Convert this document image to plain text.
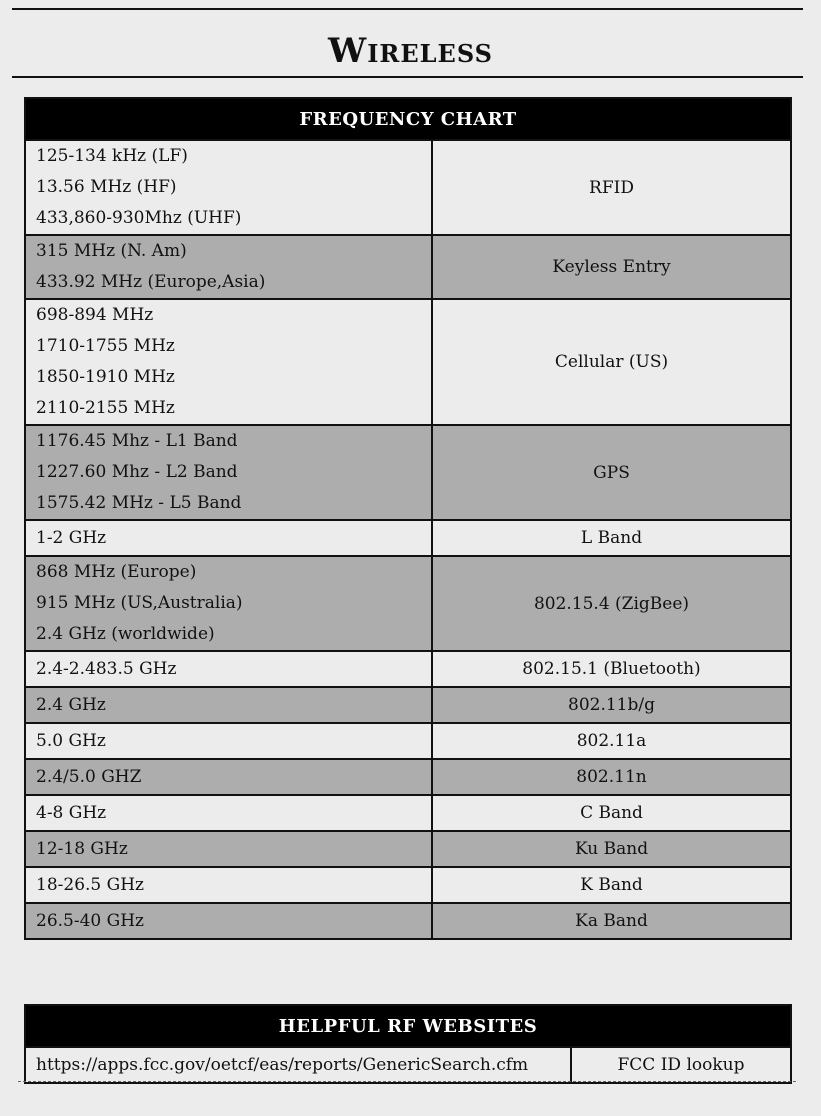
Wireless
FREQUENCY CHART	

125-134 kHz (LF)
13.56 MHz (HF)
433,860-930Mhz (UHF)	RFID

315 MHz (N. Am)
433.92 MHz (Europe,Asia)	Keyless Entry

698-894 MHz
1710-1755 MHz
1850-1910 MHz
2110-2155 MHz	Cellular (US)

1176.45 Mhz - L1 Band
1227.60 Mhz - L2 Band
1575.42 MHz - L5 Band	GPS

1-2 GHz	L Band

868 MHz (Europe)
915 MHz (US,Australia)
2.4 GHz (worldwide)	802.15.4 (ZigBee)

2.4-2.483.5 GHz	802.15.1 (Bluetooth)

2.4 GHz	802.11b/g

5.0 GHz	802.11a

2.4/5.0 GHZ	802.11n

4-8 GHz	C Band

12-18 GHz	Ku Band

18-26.5 GHz	K Band

26.5-40 GHz	Ka Band
HELPFUL RF WEBSITES
https://apps.fcc.gov/oetcf/eas/reports/GenericSearch.cfm	FCC ID lookup
